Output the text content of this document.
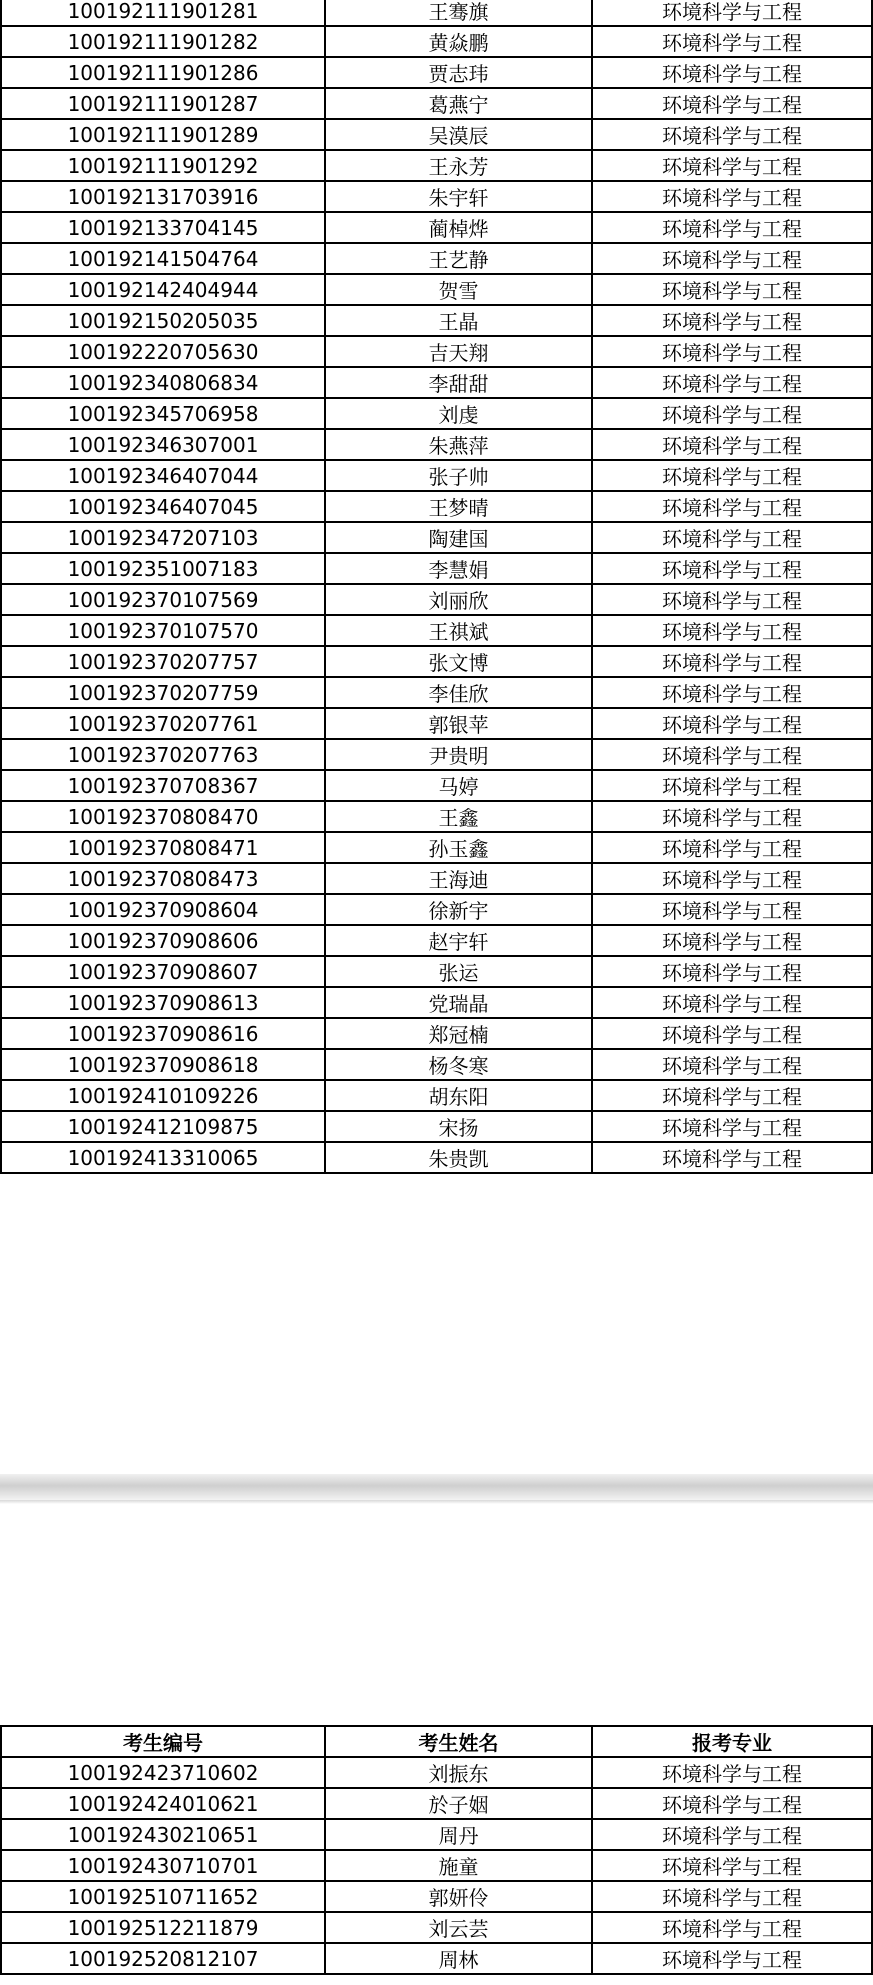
100192111901281	王骞旗	环境科学与工程
100192111901282	黄焱鹏	环境科学与工程
100192111901286	贾志玮	环境科学与工程
100192111901287	葛燕宁	环境科学与工程
100192111901289	吴漠辰	环境科学与工程
100192111901292	王永芳	环境科学与工程
100192131703916	朱宇轩	环境科学与工程
100192133704145	蔺棹烨	环境科学与工程
100192141504764	王艺静	环境科学与工程
100192142404944	贺雪	环境科学与工程
100192150205035	王晶	环境科学与工程
100192220705630	吉天翔	环境科学与工程
100192340806834	李甜甜	环境科学与工程
100192345706958	刘虔	环境科学与工程
100192346307001	朱燕萍	环境科学与工程
100192346407044	张子帅	环境科学与工程
100192346407045	王梦晴	环境科学与工程
100192347207103	陶建国	环境科学与工程
100192351007183	李慧娟	环境科学与工程
100192370107569	刘丽欣	环境科学与工程
100192370107570	王祺斌	环境科学与工程
100192370207757	张文博	环境科学与工程
100192370207759	李佳欣	环境科学与工程
100192370207761	郭银苹	环境科学与工程
100192370207763	尹贵明	环境科学与工程
100192370708367	马婷	环境科学与工程
100192370808470	王鑫	环境科学与工程
100192370808471	孙玉鑫	环境科学与工程
100192370808473	王海迪	环境科学与工程
100192370908604	徐新宇	环境科学与工程
100192370908606	赵宇轩	环境科学与工程
100192370908607	张运	环境科学与工程
100192370908613	党瑞晶	环境科学与工程
100192370908616	郑冠楠	环境科学与工程
100192370908618	杨冬寒	环境科学与工程
100192410109226	胡东阳	环境科学与工程
100192412109875	宋扬	环境科学与工程
100192413310065	朱贵凯	环境科学与工程
考生编号	考生姓名	报考专业
100192423710602	刘振东	环境科学与工程
100192424010621	於子姻	环境科学与工程
100192430210651	周丹	环境科学与工程
100192430710701	施童	环境科学与工程
100192510711652	郭妍伶	环境科学与工程
100192512211879	刘云芸	环境科学与工程
100192520812107	周林	环境科学与工程
